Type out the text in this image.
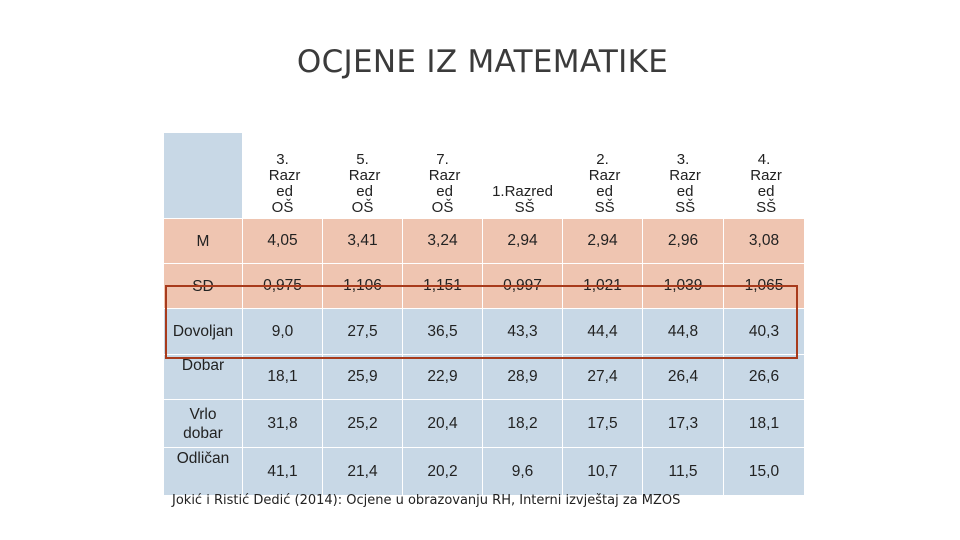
OCJENE IZ MATEMATIKE
	3.
Razr
ed
OŠ	5.
Razr
ed
OŠ	7.
Razr
ed
OŠ	1.Razred
SŠ	2.
Razr
ed
SŠ	3.
Razr
ed
SŠ	4.
Razr
ed
SŠ
M	4,05	3,41	3,24	2,94	2,94	2,96	3,08
SD	0,975	1,106	1,151	0,997	1,021	1,039	1,065
Dovoljan	9,0	27,5	36,5	43,3	44,4	44,8	40,3
Dobar	18,1	25,9	22,9	28,9	27,4	26,4	26,6
Vrlo
dobar	31,8	25,2	20,4	18,2	17,5	17,3	18,1
Odličan	41,1	21,4	20,2	9,6	10,7	11,5	15,0
Jokić i Ristić Dedić (2014): Ocjene u obrazovanju RH, Interni izvještaj za MZOS
